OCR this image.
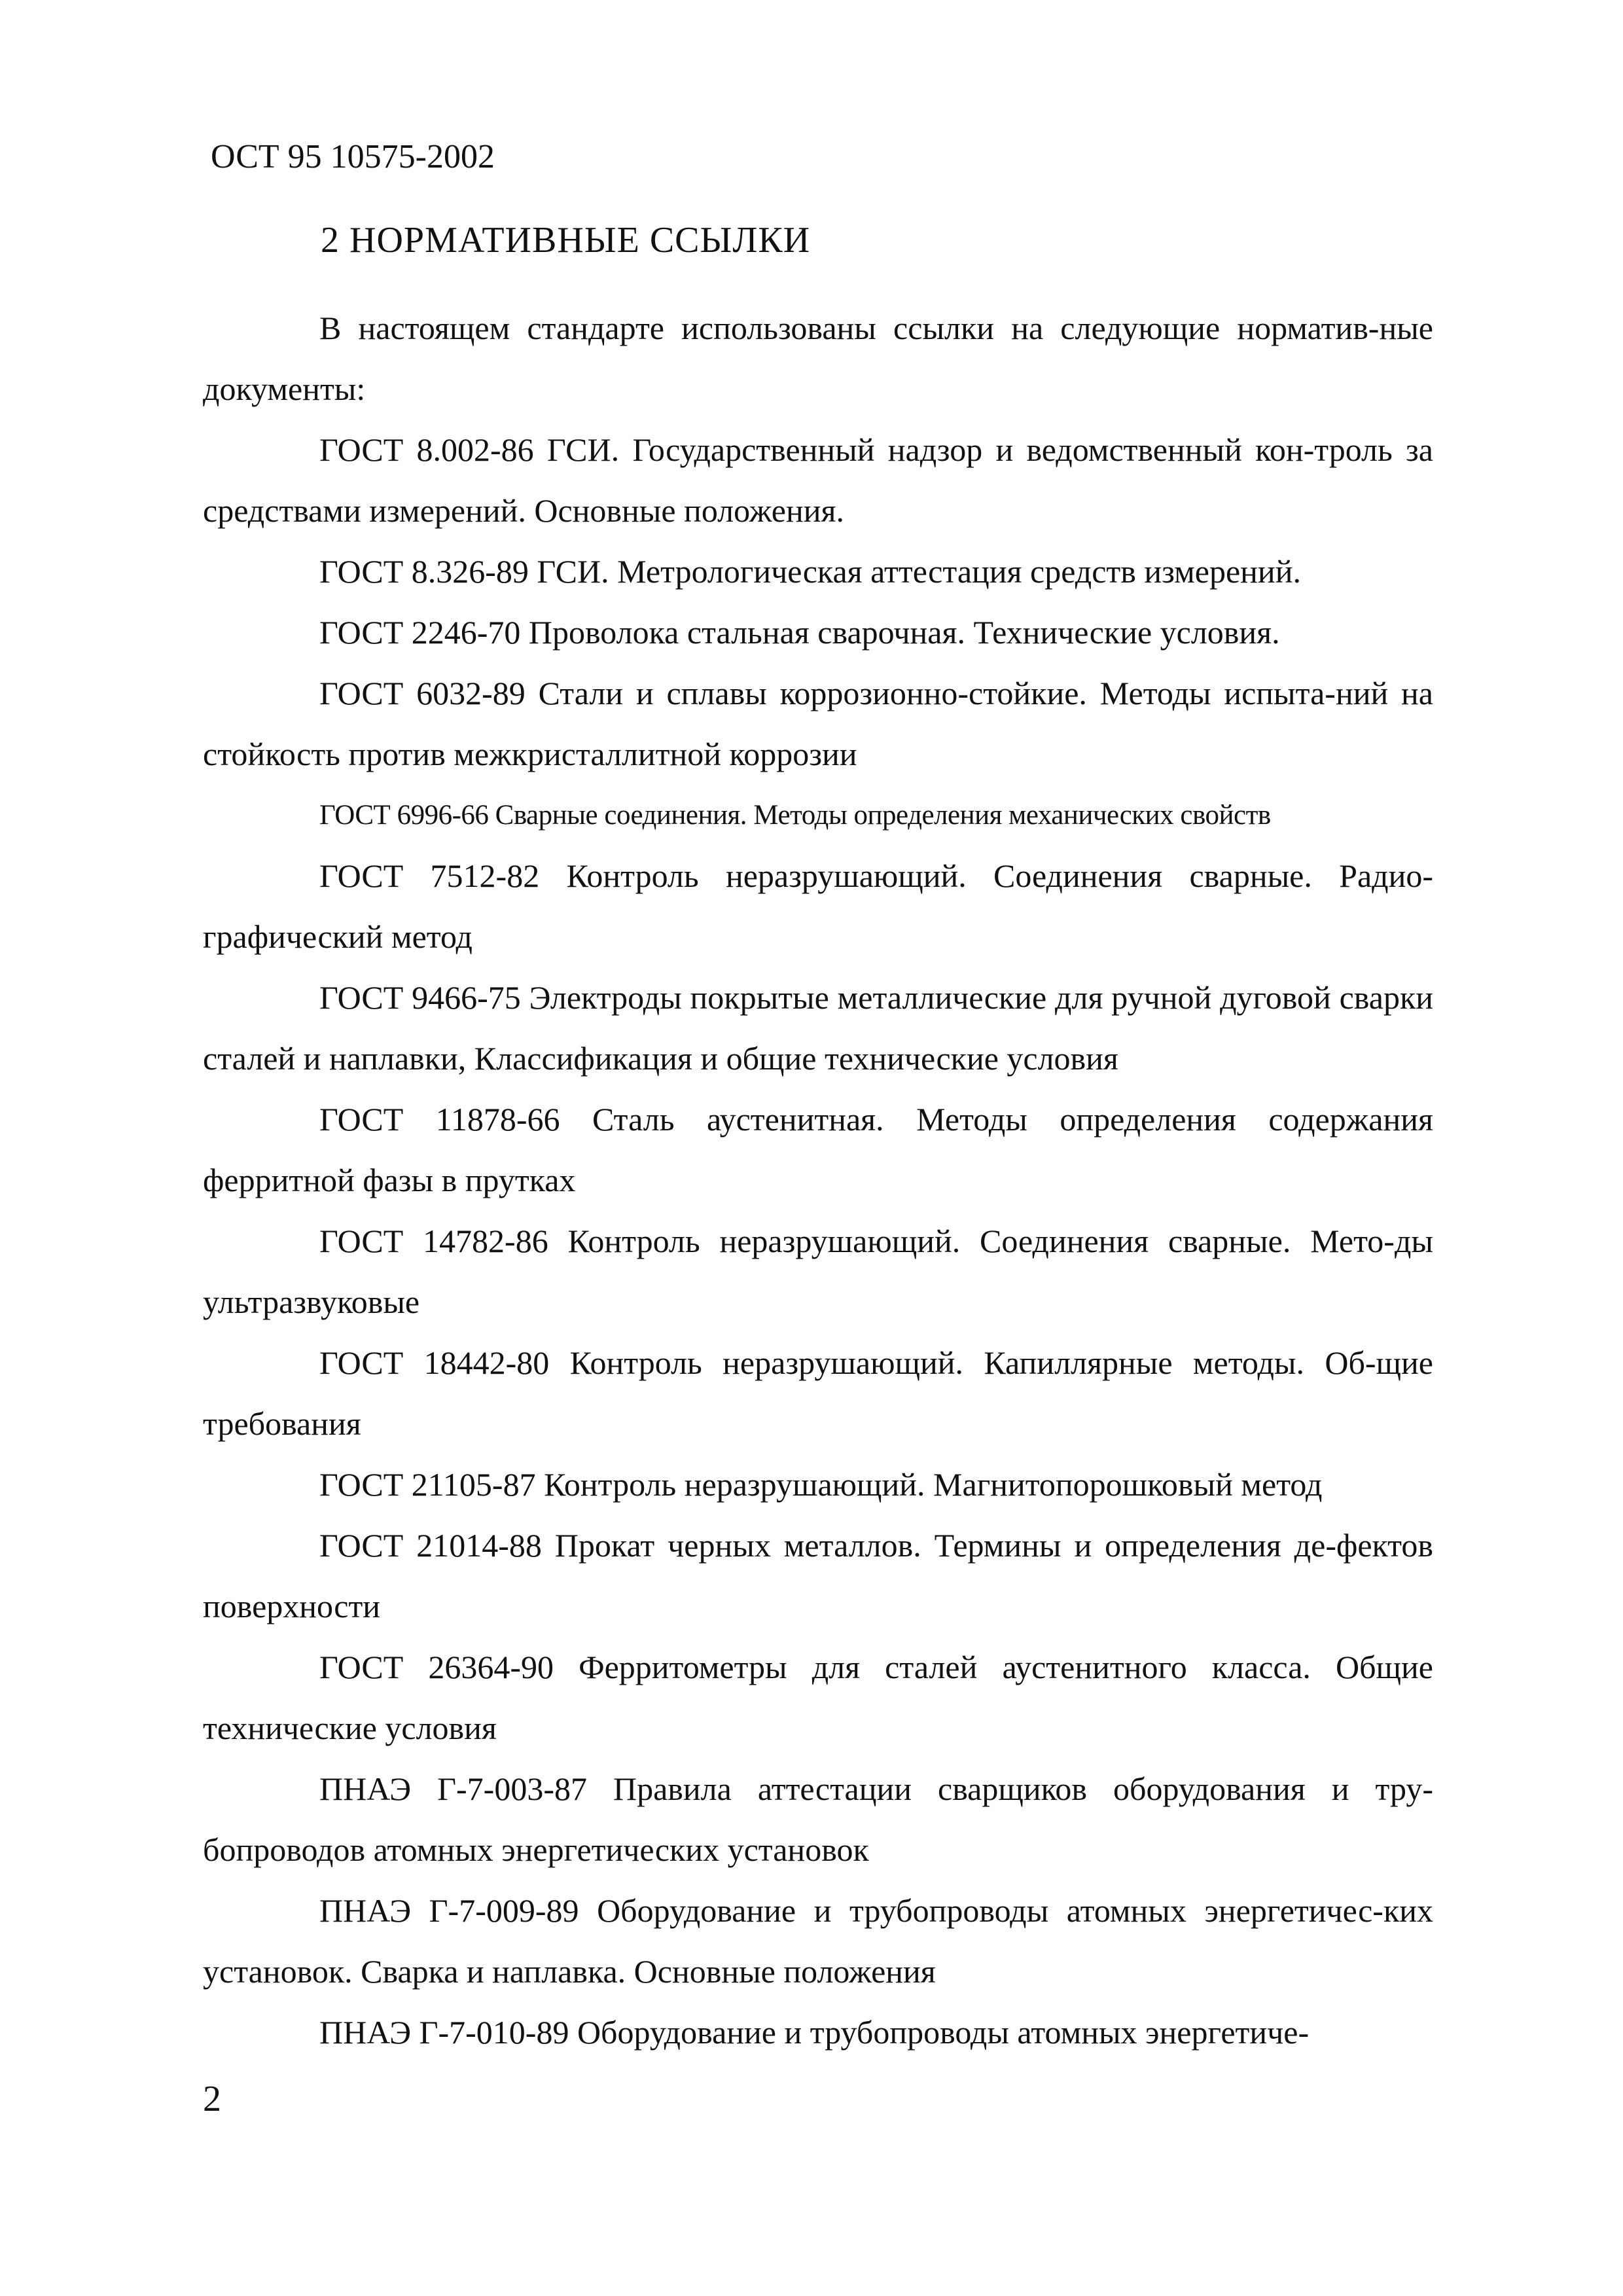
ОСТ 95 10575-2002
2 НОРМАТИВНЫЕ ССЫЛКИ

В настоящем стандарте использованы ссылки на следующие норматив-ные документы:

ГОСТ 8.002-86 ГСИ. Государственный надзор и ведомственный кон-троль за средствами измерений. Основные положения.

ГОСТ 8.326-89 ГСИ. Метрологическая аттестация средств измерений.

ГОСТ 2246-70 Проволока стальная сварочная. Технические условия.

ГОСТ 6032-89 Стали и сплавы коррозионно-стойкие. Методы испыта-ний на стойкость против межкристаллитной коррозии

ГОСТ 6996-66 Сварные соединения. Методы определения механических свойств

ГОСТ 7512-82 Контроль неразрушающий. Соединения сварные. Радио-графический метод

ГОСТ 9466-75 Электроды покрытые металлические для ручной дуговой сварки сталей и наплавки, Классификация и общие технические условия

ГОСТ 11878-66 Сталь аустенитная. Методы определения содержания ферритной фазы в прутках

ГОСТ 14782-86 Контроль неразрушающий. Соединения сварные. Мето-ды ультразвуковые

ГОСТ 18442-80 Контроль неразрушающий. Капиллярные методы. Об-щие требования

ГОСТ 21105-87 Контроль неразрушающий. Магнитопорошковый метод

ГОСТ 21014-88 Прокат черных металлов. Термины и определения де-фектов поверхности

ГОСТ 26364-90 Ферритометры для сталей аустенитного класса. Общие технические условия

ПНАЭ Г-7-003-87 Правила аттестации сварщиков оборудования и тру-бопроводов атомных энергетических установок

ПНАЭ Г-7-009-89 Оборудование и трубопроводы атомных энергетичес-ких установок. Сварка и наплавка. Основные положения

ПНАЭ Г-7-010-89 Оборудование и трубопроводы атомных энергетиче-

2
